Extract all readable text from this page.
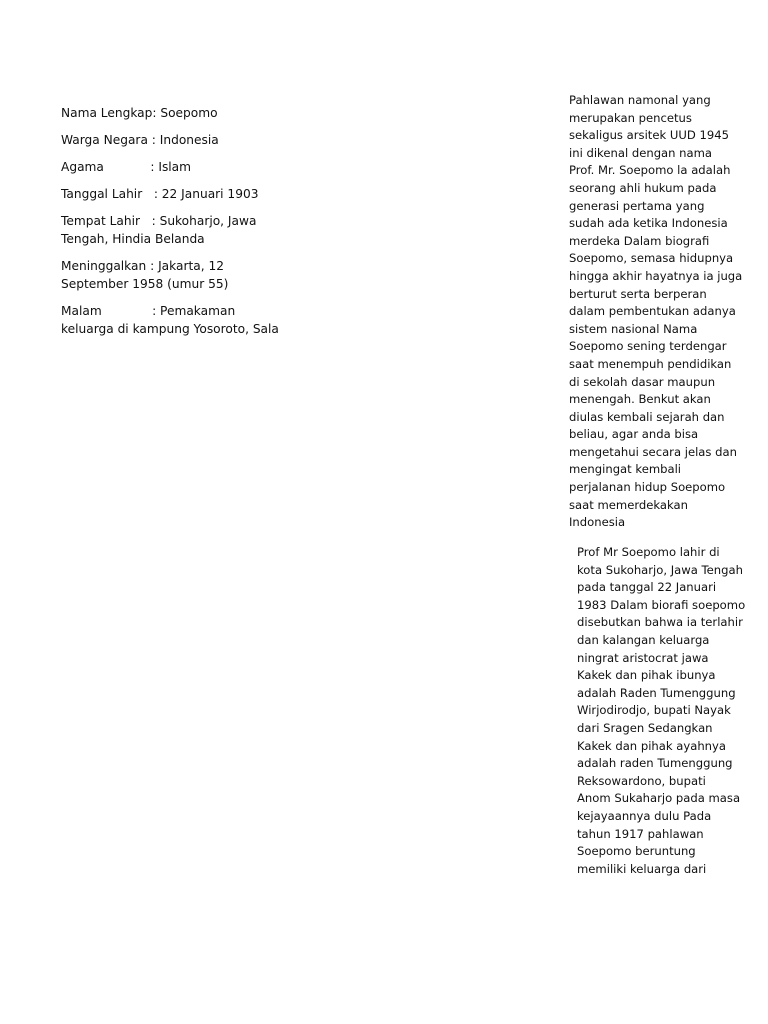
Nama Lengkap: Soepomo
Warga Negara : Indonesia
Agama            : Islam
Tanggal Lahir   : 22 Januari 1903
Tempat Lahir   : Sukoharjo, Jawa
Tengah, Hindia Belanda
Meninggalkan : Jakarta, 12
September 1958 (umur 55)
Malam             : Pemakaman
keluarga di kampung Yosoroto, Sala
Pahlawan namonal yang
merupakan pencetus
sekaligus arsitek UUD 1945
ini dikenal dengan nama
Prof. Mr. Soepomo la adalah
seorang ahli hukum pada
generasi pertama yang
sudah ada ketika Indonesia
merdeka Dalam biografi
Soepomo, semasa hidupnya
hingga akhir hayatnya ia juga
berturut serta berperan
dalam pembentukan adanya
sistem nasional Nama
Soepomo sening terdengar
saat menempuh pendidikan
di sekolah dasar maupun
menengah. Benkut akan
diulas kembali sejarah dan
beliau, agar anda bisa
mengetahui secara jelas dan
mengingat kembali
perjalanan hidup Soepomo
saat memerdekakan
Indonesia
Prof Mr Soepomo lahir di
kota Sukoharjo, Jawa Tengah
pada tanggal 22 Januari
1983 Dalam biorafi soepomo
disebutkan bahwa ia terlahir
dan kalangan keluarga
ningrat aristocrat jawa
Kakek dan pihak ibunya
adalah Raden Tumenggung
Wirjodirodjo, bupati Nayak
dari Sragen Sedangkan
Kakek dan pihak ayahnya
adalah raden Tumenggung
Reksowardono, bupati
Anom Sukaharjo pada masa
kejayaannya dulu Pada
tahun 1917 pahlawan
Soepomo beruntung
memiliki keluarga dari
